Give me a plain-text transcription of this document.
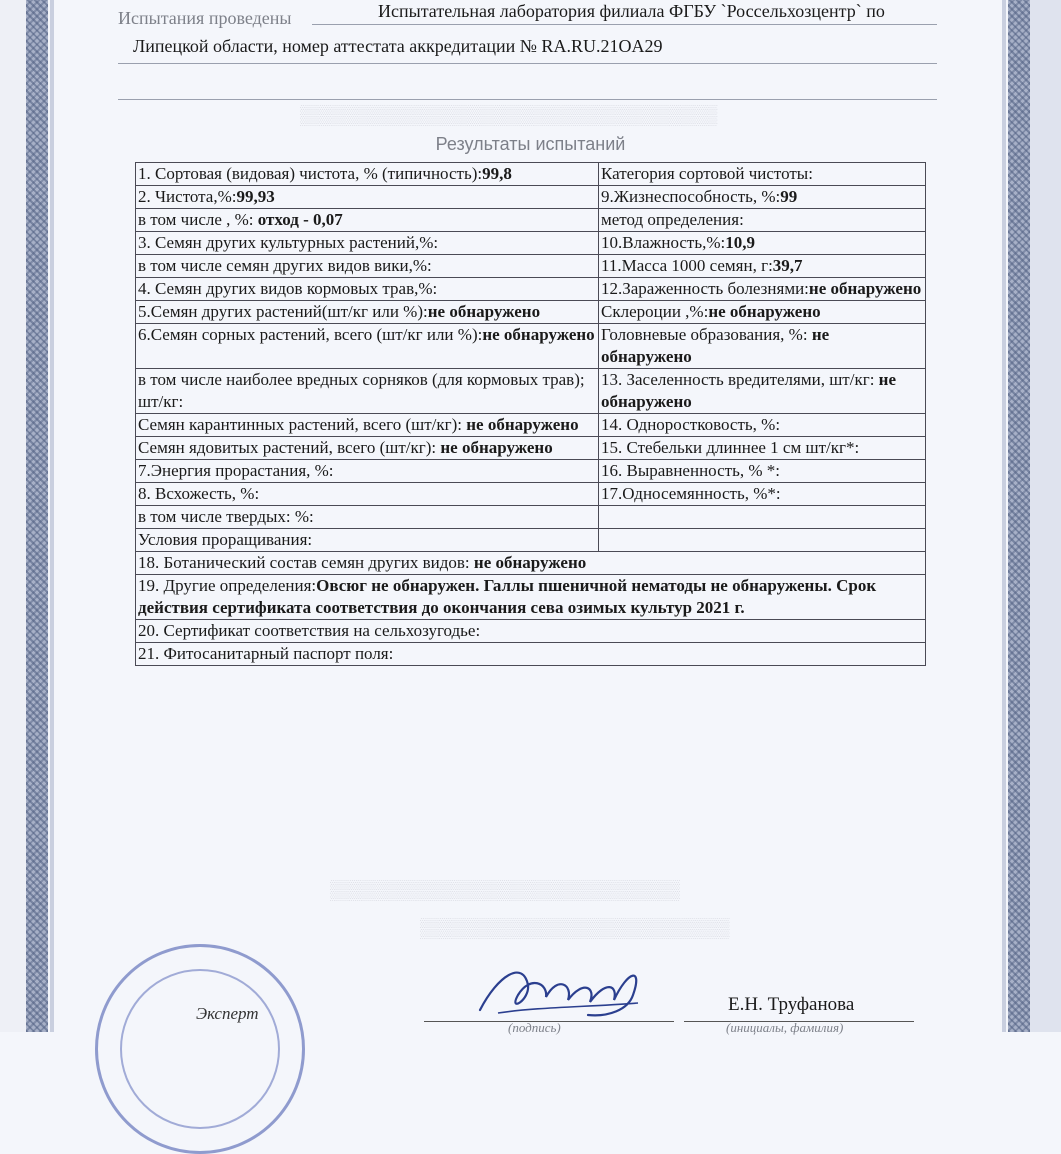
▒▒▒▒▒▒▒▒▒▒▒▒▒▒▒▒▒▒▒▒▒▒▒▒▒▒▒▒▒▒▒
▒▒▒▒▒▒▒▒▒▒▒▒▒▒▒▒▒▒▒▒▒▒▒▒▒▒
▒▒▒▒▒▒▒▒▒▒▒▒▒▒▒▒▒▒▒▒▒▒▒
Испытания проведены	Испытательная лаборатория филиала ФГБУ `Россельхозцентр` по
Липецкой области, номер аттестата аккредитации № RA.RU.21OA29
Результаты испытаний
1. Сортовая (видовая) чистота, % (типичность):99,8	Категория сортовой чистоты:
2. Чистота,%:99,93	9.Жизнеспособность, %:99
в том числе , %: отход - 0,07	метод определения:
3. Семян других культурных растений,%:	10.Влажность,%:10,9
в том числе семян других видов вики,%:	11.Масса 1000 семян, г:39,7
4. Семян других видов кормовых трав,%:	12.Зараженность болезнями:не обнаружено
5.Семян других растений(шт/кг или %):не обнаружено	Склероции ,%:не обнаружено
6.Семян сорных растений, всего (шт/кг или %):не обнаружено	Головневые образования, %: не обнаружено
в том числе наиболее вредных сорняков (для кормовых трав); шт/кг:	13. Заселенность вредителями, шт/кг: не обнаружено
Семян карантинных растений, всего (шт/кг): не обнаружено	14. Одноростковость, %:
Семян ядовитых растений, всего (шт/кг): не обнаружено	15. Стебельки длиннее 1 см шт/кг*:
7.Энергия прорастания, %:	16. Выравненность, % *:
8. Всхожесть, %:	17.Односемянность, %*:
в том числе твердых: %:	
Условия проращивания:	
18. Ботанический состав семян других видов: не обнаружено	
19. Другие определения:Овсюг не обнаружен. Галлы пшеничной нематоды не обнаружены. Срок действия сертификата соответствия до окончания сева озимых культур 2021 г.	
20. Сертификат соответствия на сельхозугодье:	
21. Фитосанитарный паспорт поля:	
Эксперт
(подпись)
Е.Н. Труфанова
(инициалы, фамилия)
